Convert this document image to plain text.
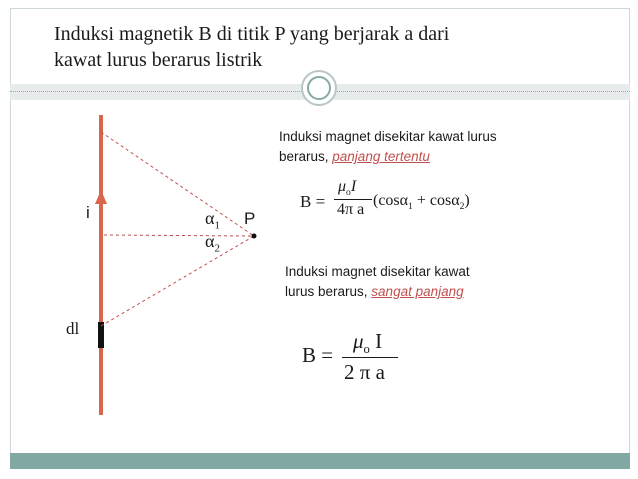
Induksi magnetik B di titik P yang berjarak a dari
kawat lurus berarus listrik
i
dl
$\alpha_1$
$\alpha_2$
P
Induksi magnet disekitar kawat lurus
berarus, panjang tertentu
B =
$\mu_oI$
4π a
(cosα$_1$ + cosα$_2$)
Induksi magnet disekitar kawat
lurus berarus, sangat panjang
B =
$\mu_o$ I
2 π a
